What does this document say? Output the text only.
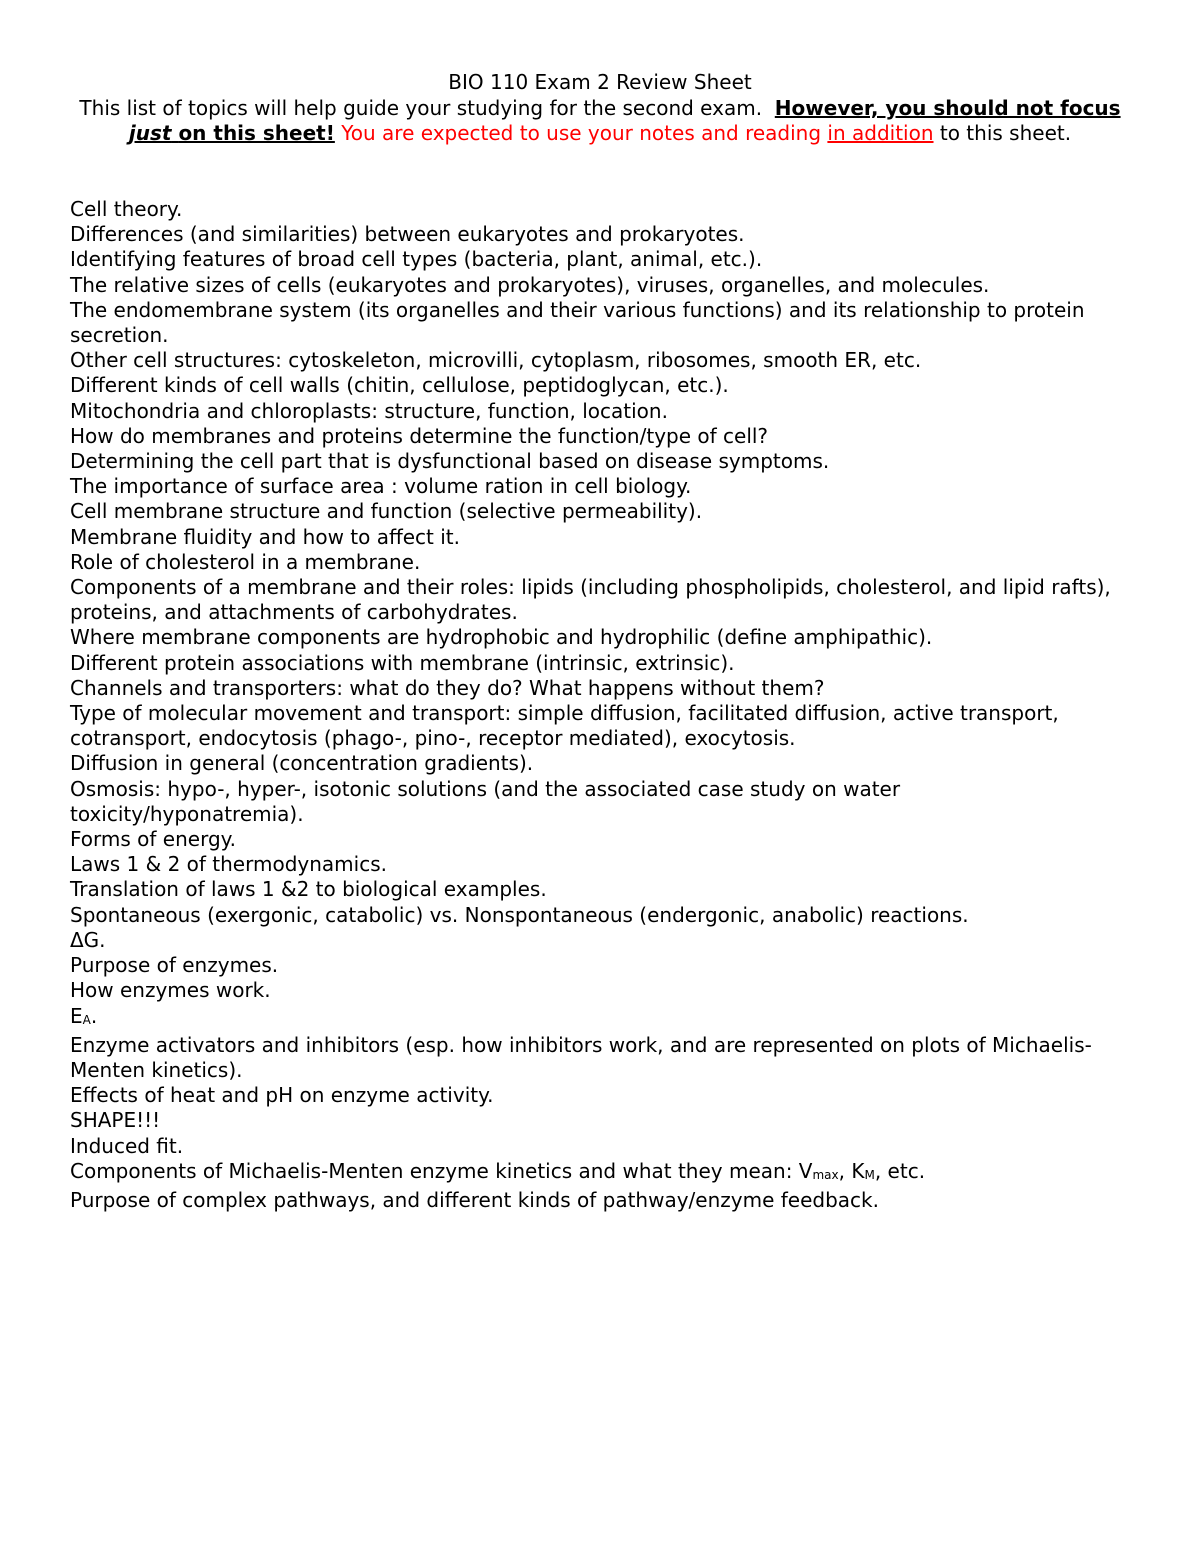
BIO 110 Exam 2 Review Sheet

This list of topics will help guide your studying for the second exam. However, you should not focus just on this sheet! You are expected to use your notes and reading in addition to this sheet.

Cell theory.
Differences (and similarities) between eukaryotes and prokaryotes.
Identifying features of broad cell types (bacteria, plant, animal, etc.).
The relative sizes of cells (eukaryotes and prokaryotes), viruses, organelles, and molecules.
The endomembrane system (its organelles and their various functions) and its relationship to protein secretion.
Other cell structures: cytoskeleton, microvilli, cytoplasm, ribosomes, smooth ER, etc.
Different kinds of cell walls (chitin, cellulose, peptidoglycan, etc.).
Mitochondria and chloroplasts: structure, function, location.
How do membranes and proteins determine the function/type of cell?
Determining the cell part that is dysfunctional based on disease symptoms.
The importance of surface area : volume ration in cell biology.
Cell membrane structure and function (selective permeability).
Membrane fluidity and how to affect it.
Role of cholesterol in a membrane.
Components of a membrane and their roles: lipids (including phospholipids, cholesterol, and lipid rafts), proteins, and attachments of carbohydrates.
Where membrane components are hydrophobic and hydrophilic (define amphipathic).
Different protein associations with membrane (intrinsic, extrinsic).
Channels and transporters: what do they do? What happens without them?
Type of molecular movement and transport: simple diffusion, facilitated diffusion, active transport, cotransport, endocytosis (phago-, pino-, receptor mediated), exocytosis.
Diffusion in general (concentration gradients).
Osmosis: hypo-, hyper-, isotonic solutions (and the associated case study on water toxicity/hyponatremia).
Forms of energy.
Laws 1 & 2 of thermodynamics.
Translation of laws 1 &2 to biological examples.
Spontaneous (exergonic, catabolic) vs. Nonspontaneous (endergonic, anabolic) reactions.
ΔG.
Purpose of enzymes.
How enzymes work.
EA.
Enzyme activators and inhibitors (esp. how inhibitors work, and are represented on plots of Michaelis-Menten kinetics).
Effects of heat and pH on enzyme activity.
SHAPE!!!
Induced fit.
Components of Michaelis-Menten enzyme kinetics and what they mean: Vmax, KM, etc.
Purpose of complex pathways, and different kinds of pathway/enzyme feedback.
